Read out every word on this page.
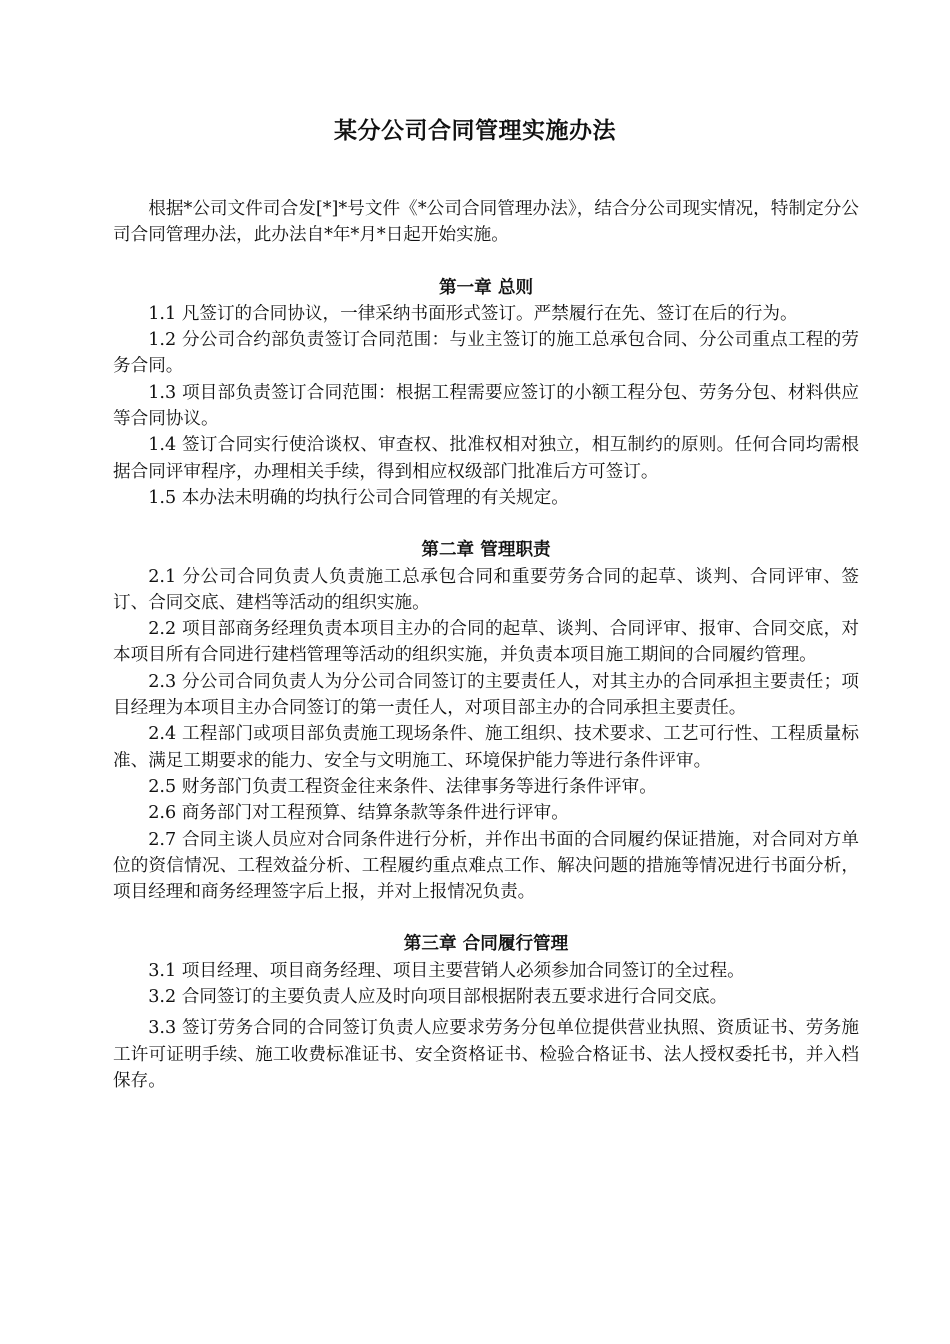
某分公司合同管理实施办法

根据*公司文件司合发[*]*号文件《*公司合同管理办法》，结合分公司现实情况，特制定分公司合同管理办法，此办法自*年*月*日起开始实施。

第一章 总则

1.1 凡签订的合同协议，一律采纳书面形式签订。严禁履行在先、签订在后的行为。

1.2 分公司合约部负责签订合同范围：与业主签订的施工总承包合同、分公司重点工程的劳务合同。

1.3 项目部负责签订合同范围：根据工程需要应签订的小额工程分包、劳务分包、材料供应等合同协议。

1.4 签订合同实行使洽谈权、审查权、批准权相对独立，相互制约的原则。任何合同均需根据合同评审程序，办理相关手续，得到相应权级部门批准后方可签订。

1.5 本办法未明确的均执行公司合同管理的有关规定。

第二章 管理职责

2.1 分公司合同负责人负责施工总承包合同和重要劳务合同的起草、谈判、合同评审、签订、合同交底、建档等活动的组织实施。

2.2 项目部商务经理负责本项目主办的合同的起草、谈判、合同评审、报审、合同交底，对本项目所有合同进行建档管理等活动的组织实施，并负责本项目施工期间的合同履约管理。

2.3 分公司合同负责人为分公司合同签订的主要责任人，对其主办的合同承担主要责任；项目经理为本项目主办合同签订的第一责任人，对项目部主办的合同承担主要责任。

2.4 工程部门或项目部负责施工现场条件、施工组织、技术要求、工艺可行性、工程质量标准、满足工期要求的能力、安全与文明施工、环境保护能力等进行条件评审。

2.5 财务部门负责工程资金往来条件、法律事务等进行条件评审。

2.6 商务部门对工程预算、结算条款等条件进行评审。

2.7 合同主谈人员应对合同条件进行分析，并作出书面的合同履约保证措施，对合同对方单位的资信情况、工程效益分析、工程履约重点难点工作、解决问题的措施等情况进行书面分析，项目经理和商务经理签字后上报，并对上报情况负责。

第三章 合同履行管理

3.1 项目经理、项目商务经理、项目主要营销人必须参加合同签订的全过程。

3.2 合同签订的主要负责人应及时向项目部根据附表五要求进行合同交底。

3.3 签订劳务合同的合同签订负责人应要求劳务分包单位提供营业执照、资质证书、劳务施工许可证明手续、施工收费标准证书、安全资格证书、检验合格证书、法人授权委托书，并入档保存。
